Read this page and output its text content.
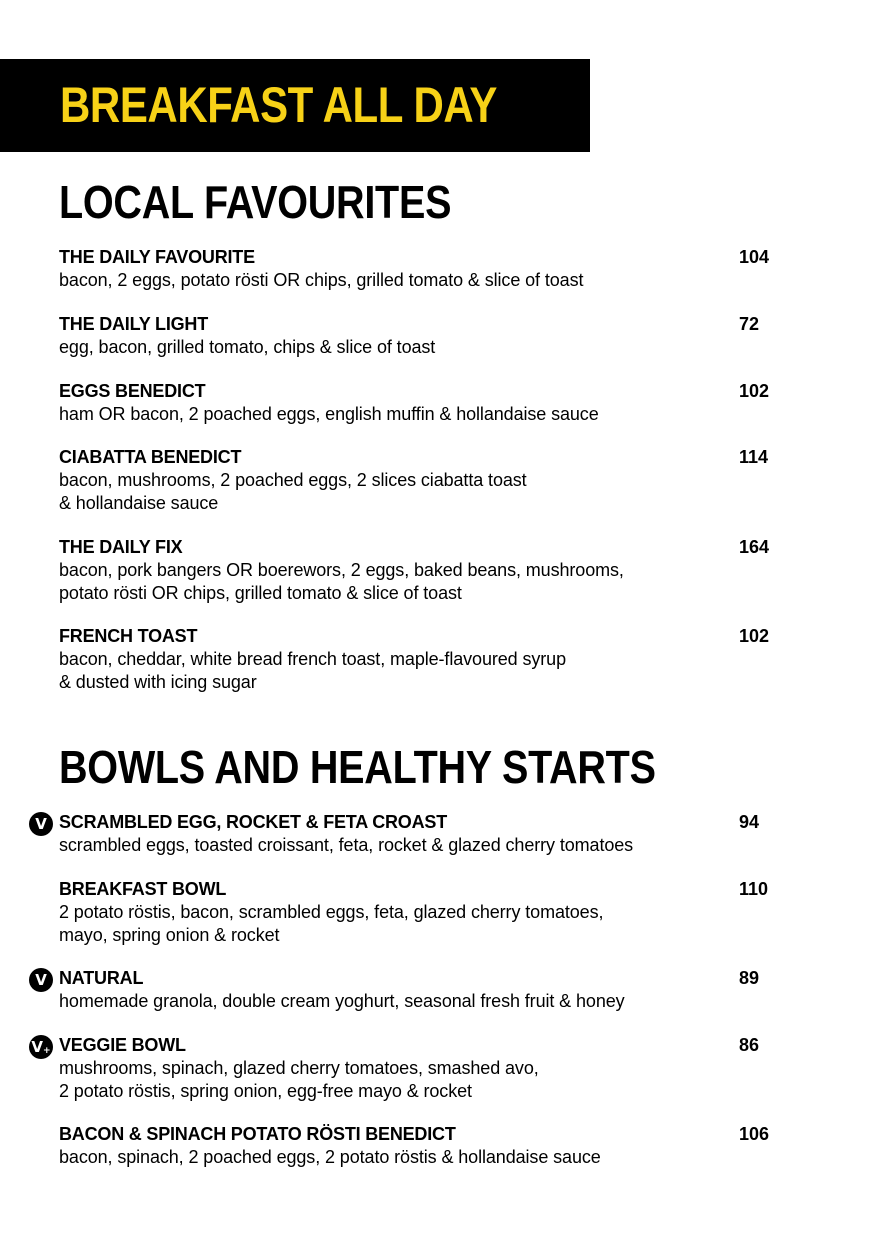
BREAKFAST ALL DAY
LOCAL FAVOURITES
THE DAILY FAVOURITE	104
bacon, 2 eggs, potato rösti OR chips, grilled tomato & slice of toast
THE DAILY LIGHT	72
egg, bacon, grilled tomato, chips & slice of toast
EGGS BENEDICT	102
ham OR bacon, 2 poached eggs, english muffin & hollandaise sauce
CIABATTA BENEDICT	114
bacon, mushrooms, 2 poached eggs, 2 slices ciabatta toast
& hollandaise sauce
THE DAILY FIX	164
bacon, pork bangers OR boerewors, 2 eggs, baked beans, mushrooms,
potato rösti OR chips, grilled tomato & slice of toast
FRENCH TOAST	102
bacon, cheddar, white bread french toast, maple-flavoured syrup
& dusted with icing sugar
BOWLS AND HEALTHY STARTS
V SCRAMBLED EGG, ROCKET & FETA CROAST	94
scrambled eggs, toasted croissant, feta, rocket & glazed cherry tomatoes
BREAKFAST BOWL	110
2 potato röstis, bacon, scrambled eggs, feta, glazed cherry tomatoes,
mayo, spring onion & rocket
V NATURAL	89
homemade granola, double cream yoghurt, seasonal fresh fruit & honey
V+ VEGGIE BOWL	86
mushrooms, spinach, glazed cherry tomatoes, smashed avo,
2 potato röstis, spring onion, egg-free mayo & rocket
BACON & SPINACH POTATO RÖSTI BENEDICT	106
bacon, spinach, 2 poached eggs, 2 potato röstis & hollandaise sauce
